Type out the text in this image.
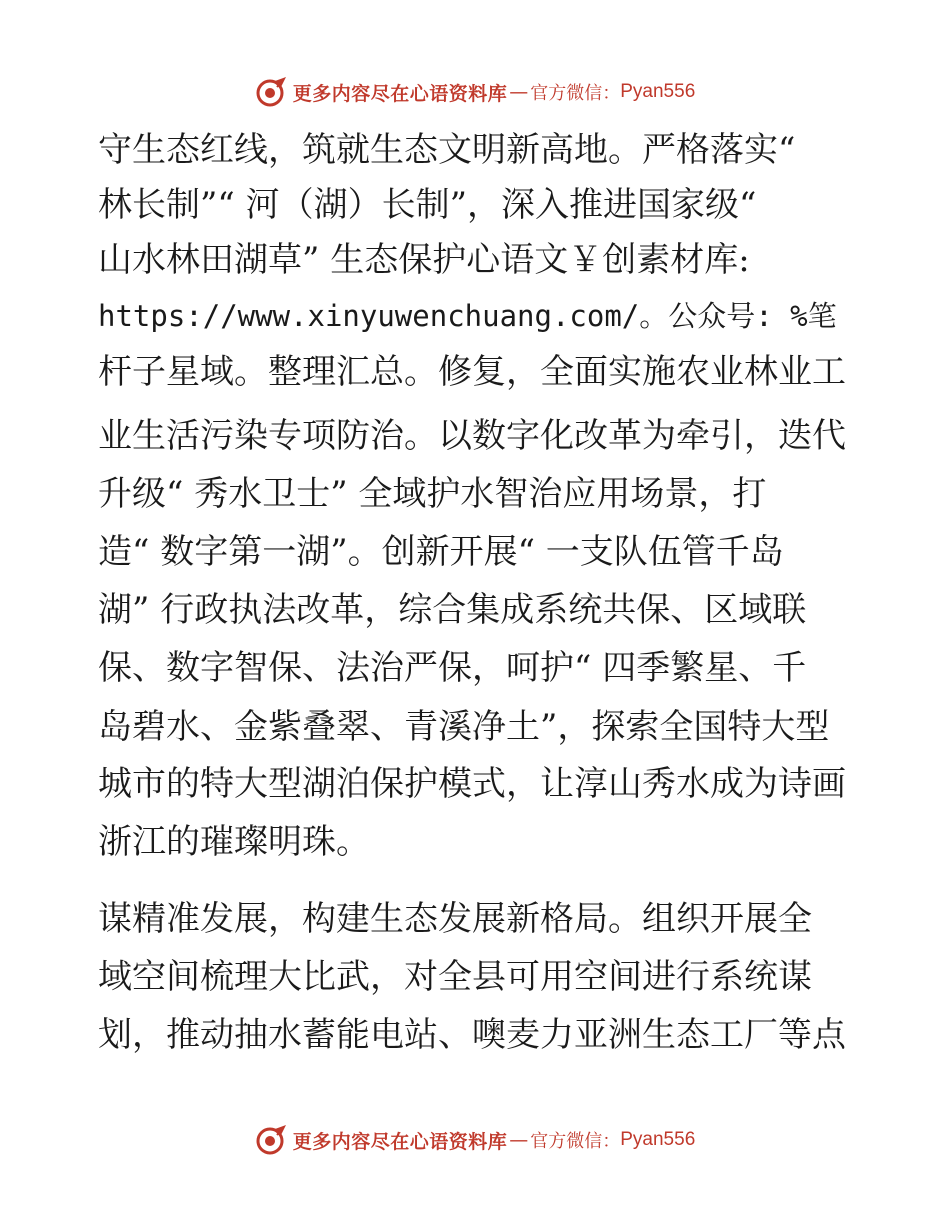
更多内容尽在心语资料库 — 官方微信： Pyan556
守生态红线，筑就生态文明新高地。严格落实“
林长制”“ 河（湖）长制”，深入推进国家级“
山水林田湖草” 生态保护心语文￥创素材库:
https://www.xinyuwenchuang.com/。公众号: %笔
杆子星域。整理汇总。修复，全面实施农业林业工
业生活污染专项防治。以数字化改革为牵引，迭代
升级“ 秀水卫士” 全域护水智治应用场景，打
造“ 数字第一湖”。创新开展“ 一支队伍管千岛
湖” 行政执法改革，综合集成系统共保、区域联
保、数字智保、法治严保，呵护“ 四季繁星、千
岛碧水、金紫叠翠、青溪净土”，探索全国特大型
城市的特大型湖泊保护模式，让淳山秀水成为诗画
浙江的璀璨明珠。
谋精准发展，构建生态发展新格局。组织开展全
域空间梳理大比武，对全县可用空间进行系统谋
划，推动抽水蓄能电站、噢麦力亚洲生态工厂等点
更多内容尽在心语资料库 — 官方微信： Pyan556
